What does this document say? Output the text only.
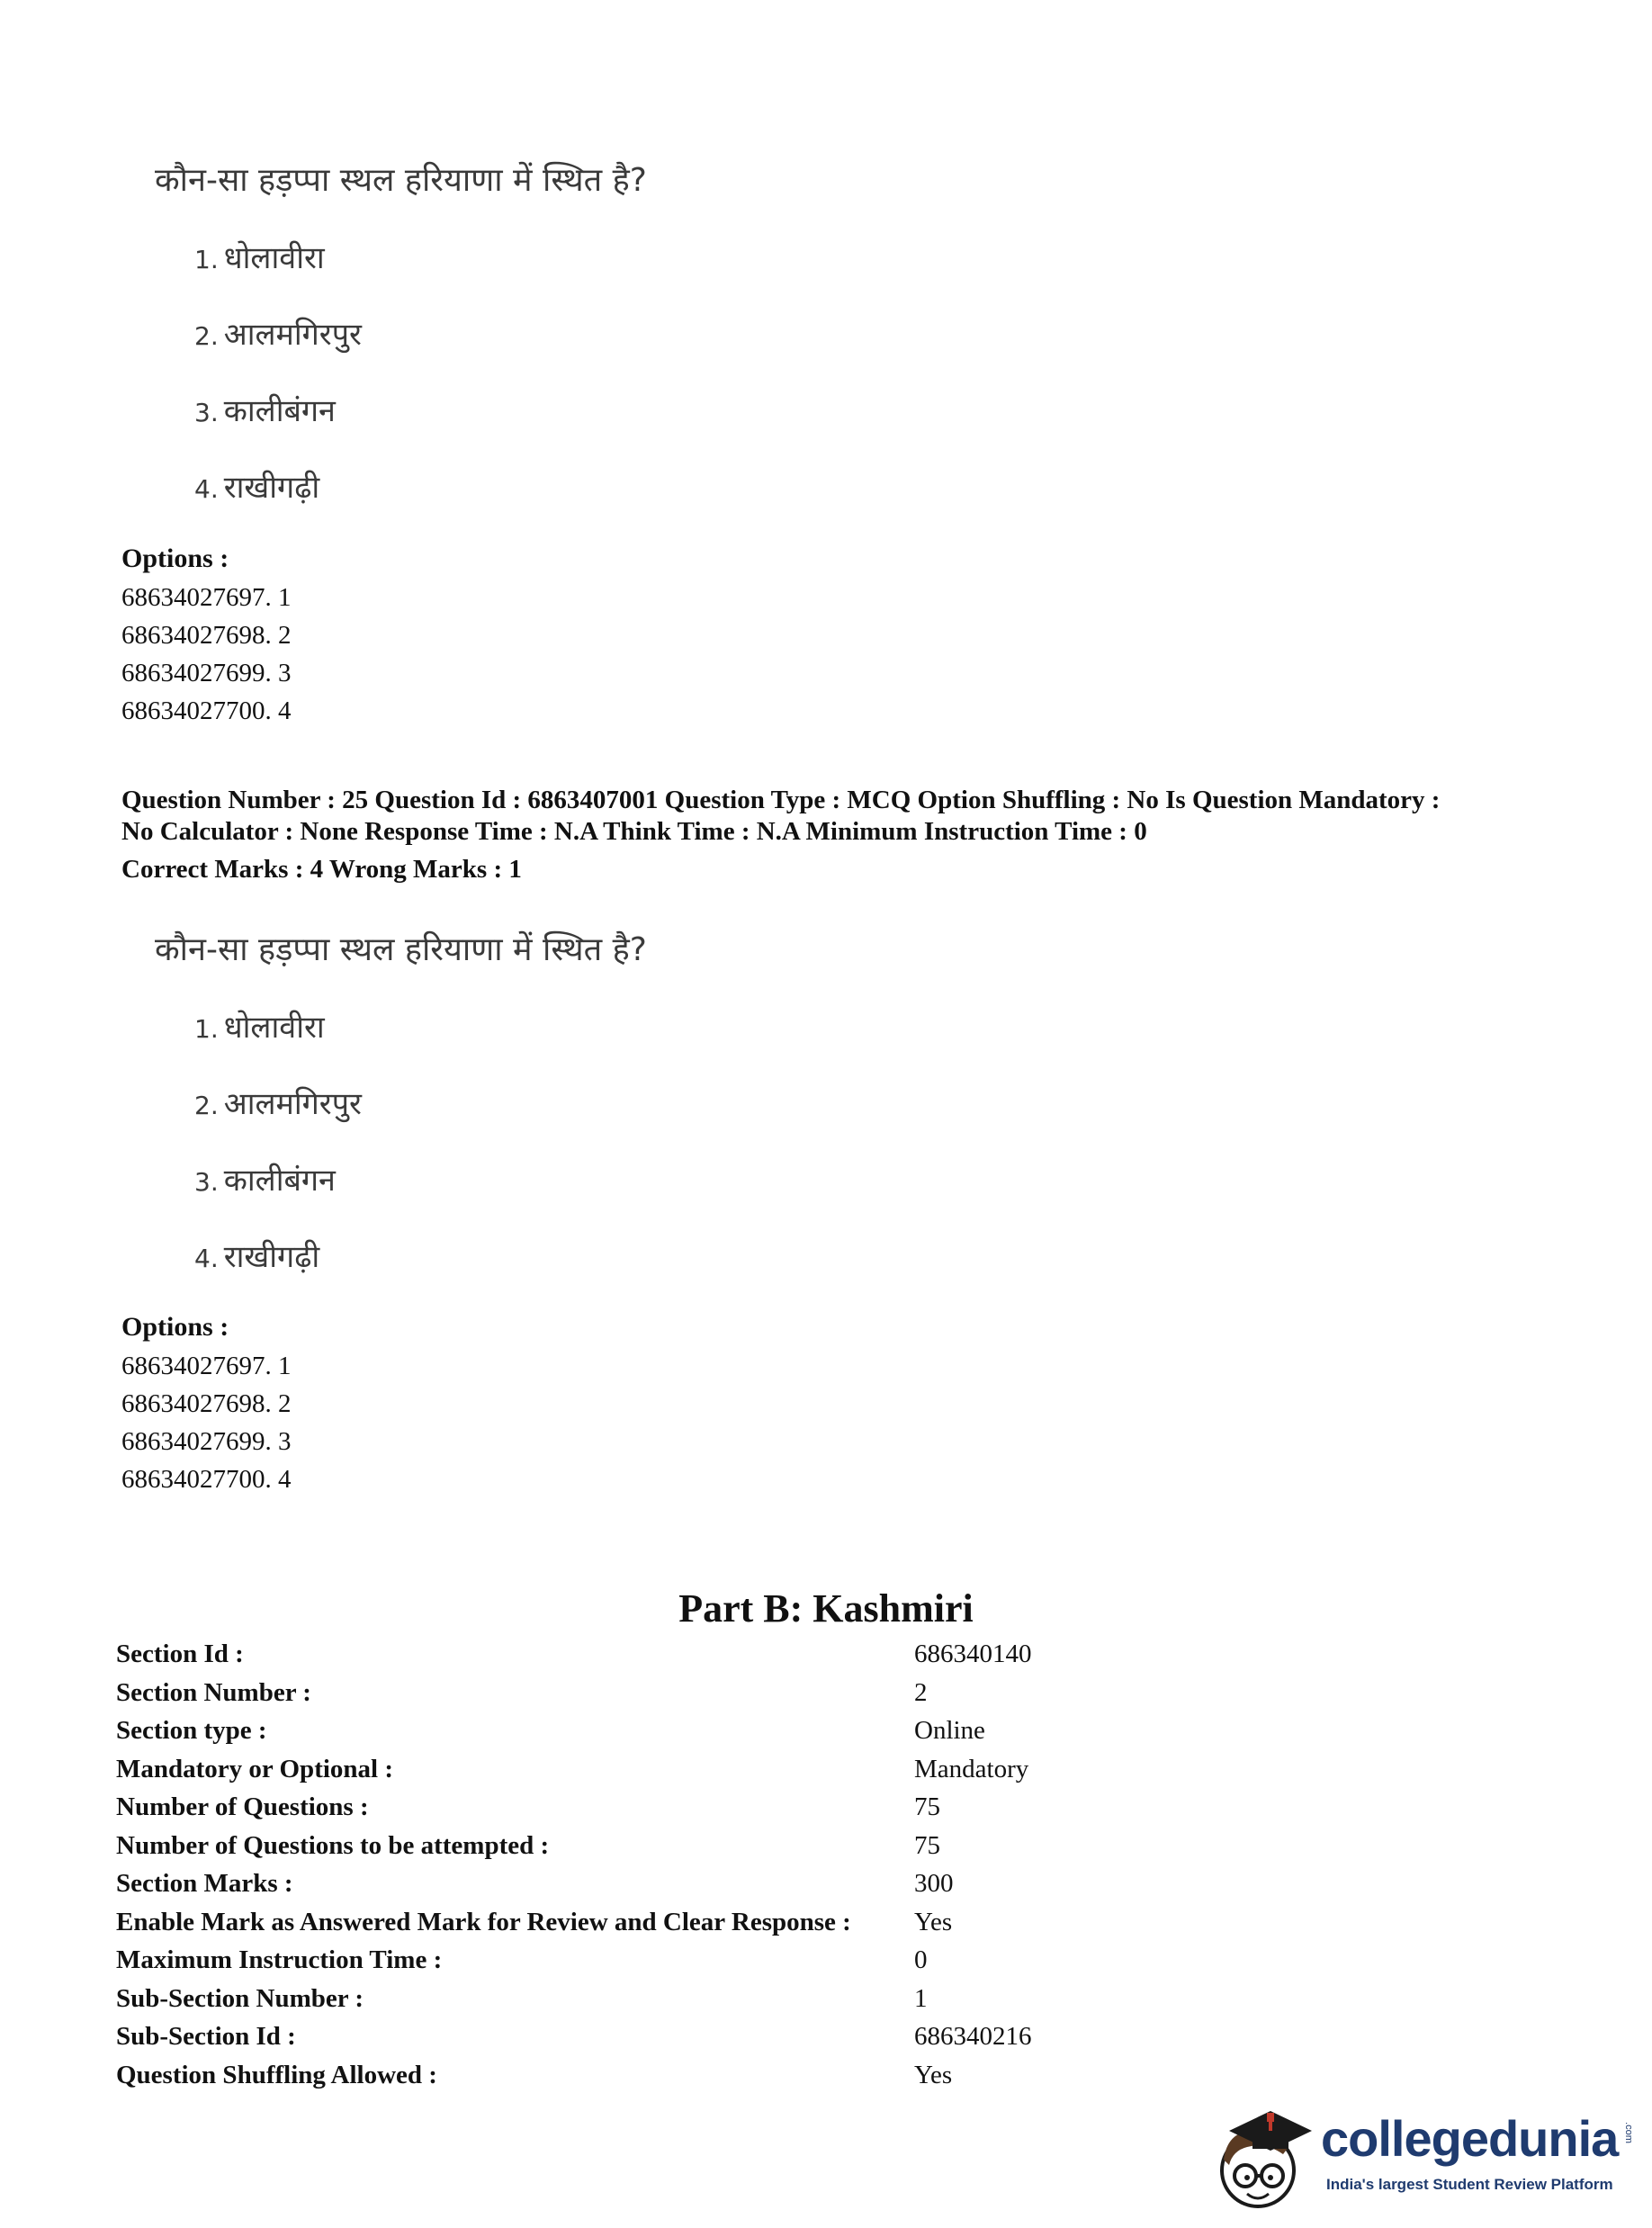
कौन-सा हड़प्पा स्थल हरियाणा में स्थित है?
1. धोलावीरा
2. आलमगिरपुर
3. कालीबंगन
4. राखीगढ़ी
Options :
68634027697. 1
68634027698. 2
68634027699. 3
68634027700. 4
Question Number : 25 Question Id : 6863407001 Question Type : MCQ Option Shuffling : No Is Question Mandatory :
No Calculator : None Response Time : N.A Think Time : N.A Minimum Instruction Time : 0
Correct Marks : 4 Wrong Marks : 1
कौन-सा हड़प्पा स्थल हरियाणा में स्थित है?
1. धोलावीरा
2. आलमगिरपुर
3. कालीबंगन
4. राखीगढ़ी
Options :
68634027697. 1
68634027698. 2
68634027699. 3
68634027700. 4
Part B: Kashmiri
Section Id :	686340140
Section Number :	2
Section type :	Online
Mandatory or Optional :	Mandatory
Number of Questions :	75
Number of Questions to be attempted :	75
Section Marks :	300
Enable Mark as Answered Mark for Review and Clear Response : Yes
Maximum Instruction Time :	0
Sub-Section Number :	1
Sub-Section Id :	686340216
Question Shuffling Allowed :	Yes
collegedunia .com
India's largest Student Review Platform
